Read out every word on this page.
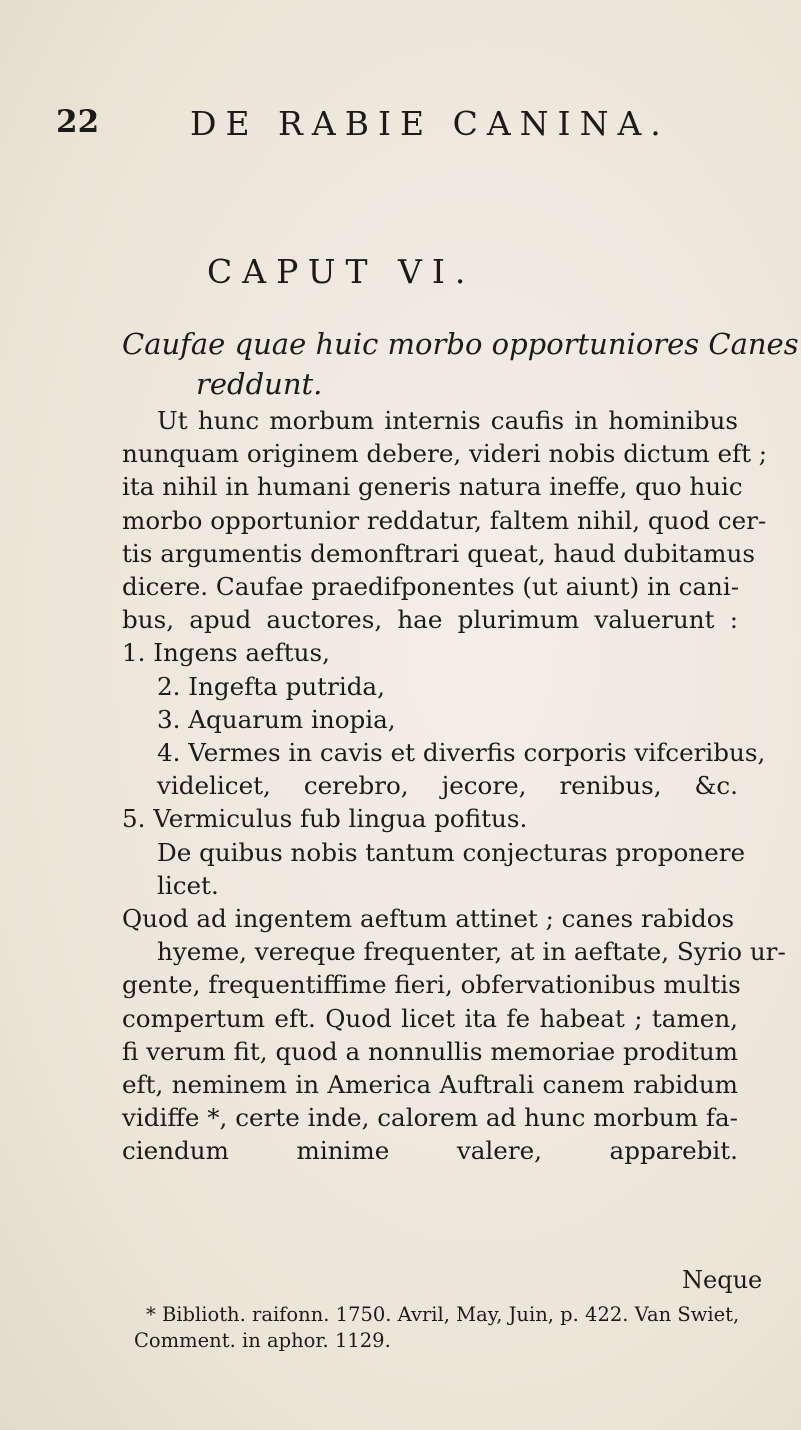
22	DE RABIE CANINA.
CAPUT VI.
Caufae quae huic morbo opportuniores Canes
reddunt.
Ut hunc morbum internis caufis in hominibus
nunquam originem debere, videri nobis dictum eft ;
ita nihil in humani generis natura ineffe, quo huic
morbo opportunior reddatur, faltem nihil, quod cer-
tis argumentis demonftrari queat, haud dubitamus
dicere. Caufae praedifponentes (ut aiunt) in cani-
bus, apud auctores, hae plurimum valuerunt :
1. Ingens aeftus,
2. Ingefta putrida,
3. Aquarum inopia,
4. Vermes in cavis et diverfis corporis vifceribus,
videlicet, cerebro, jecore, renibus, &c.
5. Vermiculus fub lingua pofitus.
De quibus nobis tantum conjecturas proponere
licet.
Quod ad ingentem aeftum attinet ; canes rabidos
hyeme, vereque frequenter, at in aeftate, Syrio ur-
gente, frequentiffime fieri, obfervationibus multis
compertum eft. Quod licet ita fe habeat ; tamen,
fi verum fit, quod a nonnullis memoriae proditum
eft, neminem in America Auftrali canem rabidum
vidiffe *, certe inde, calorem ad hunc morbum fa-
ciendum minime valere, apparebit.
Neque
* Biblioth. raifonn. 1750. Avril, May, Juin, p. 422. Van Swiet,
Comment. in aphor. 1129.
